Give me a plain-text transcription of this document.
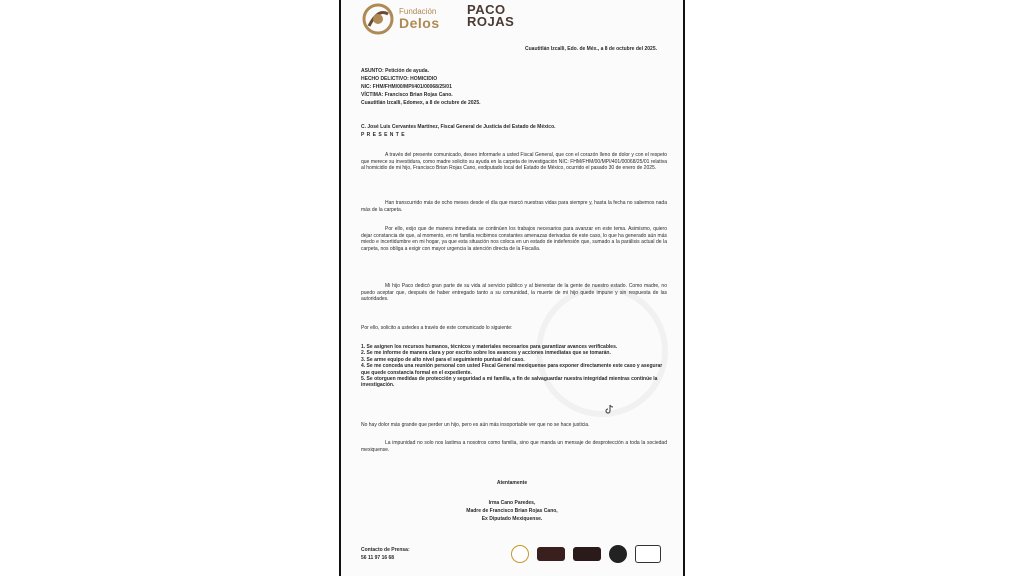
Fundación
Delos
PACO
ROJAS
Cuautitlán Izcalli, Edo. de Méx., a 8 de octubre del 2025.
ASUNTO: Petición de ayuda.
HECHO DELICTIVO: HOMICIDIO
NIC: FHM/FHM/00/MPI/401/00068/25/01
VÍCTIMA: Francisco Brian Rojas Cano.
Cuautitlán Izcalli, Edomex, a 8 de octubre de 2025.
C. José Luis Cervantes Martínez, Fiscal General de Justicia del Estado de México.
P R E S E N T E
A través del presente comunicado, deseo informarle a usted Fiscal General, que con el corazón lleno de dolor y con el respeto que merece su investidura, como madre solicito su ayuda en la carpeta de investigación NIC: FHM/FHM/00/MPI/401/00068/25/01 relativa al homicidio de mi hijo, Francisco Brian Rojas Cano, exdiputado local del Estado de México, ocurrido el pasado 30 de enero de 2025.
Han transcurrido más de ocho meses desde el día que marcó nuestras vidas para siempre y, hasta la fecha no sabemos nada más de la carpeta.
Por ello, exijo que de manera inmediata se continúen los trabajos necesarios para avanzar en este tema. Asimismo, quiero dejar constancia de que, al momento, en mi familia recibimos constantes amenazas derivadas de este caso, lo que ha generado aún más miedo e incertidumbre en mi hogar, ya que esta situación nos coloca en un estado de indefensión que, sumado a la parálisis actual de la carpeta, nos obliga a exigir con mayor urgencia la atención directa de la Fiscalía.
Mi hijo Paco dedicó gran parte de su vida al servicio público y al bienestar de la gente de nuestro estado. Como madre, no puedo aceptar que, después de haber entregado tanto a su comunidad, la muerte de mi hijo quede impune y sin respuesta de las autoridades.
Por ello, solicito a ustedes a través de este comunicado lo siguiente:
1. Se asignen los recursos humanos, técnicos y materiales necesarios para garantizar avances verificables.
2. Se me informe de manera clara y por escrito sobre los avances y acciones inmediatas que se tomarán.
3. Se arme equipo de alto nivel para el seguimiento puntual del caso.
4. Se me conceda una reunión personal con usted Fiscal General mexiquense para exponer directamente este caso y asegurar que quede constancia formal en el expediente.
5. Se otorguen medidas de protección y seguridad a mi familia, a fin de salvaguardar nuestra integridad mientras continúe la investigación.
No hay dolor más grande que perder un hijo, pero es aún más insoportable ver que no se hace justicia.
La impunidad no solo nos lastima a nosotros como familia, sino que manda un mensaje de desprotección a toda la sociedad mexiquense.
Atentamente
Irma Cano Paredes,
Madre de Francisco Brian Rojas Cano,
Ex Diputado Mexiquense.
Contacto de Prensa:
56 11 97 16 68
